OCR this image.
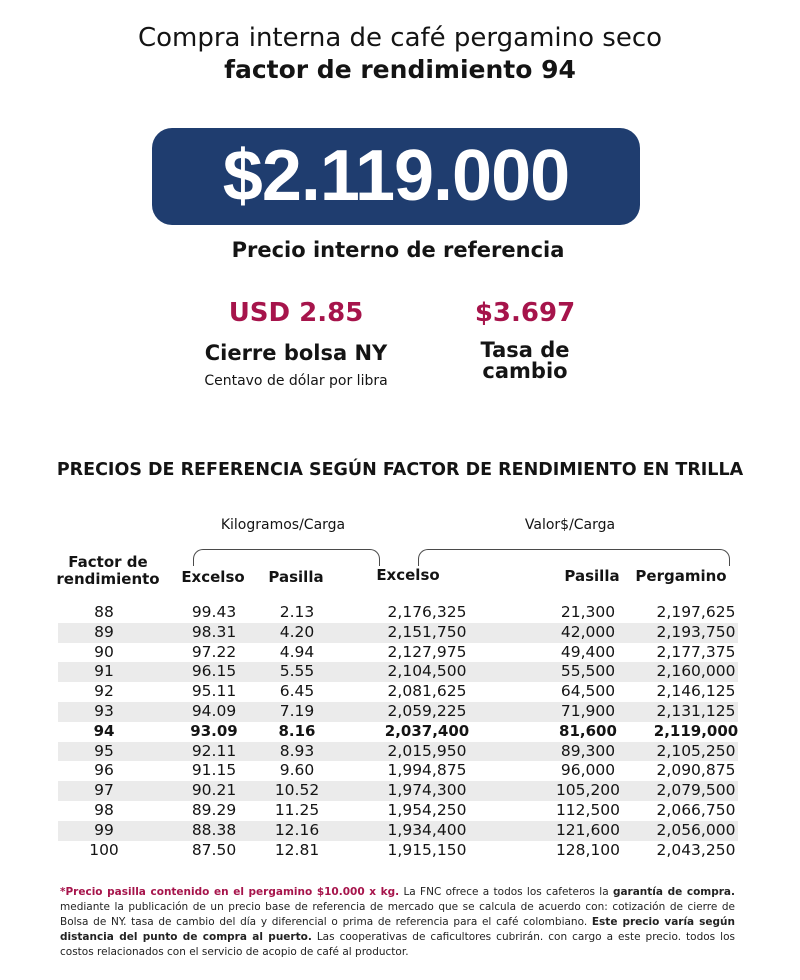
Compra interna de café pergamino seco
factor de rendimiento 94
$2.119.000
Precio interno de referencia
USD 2.85
Cierre bolsa NY
Centavo de dólar por libra
$3.697
Tasa de
cambio
PRECIOS DE REFERENCIA SEGÚN FACTOR DE RENDIMIENTO EN TRILLA
Kilogramos/Carga	Valor$/Carga
Factor de
rendimiento	Excelso	Pasilla	Excelso	Pasilla	Pergamino
88	99.43	2.13	2,176,325	21,300	2,197,625
89	98.31	4.20	2,151,750	42,000	2,193,750
90	97.22	4.94	2,127,975	49,400	2,177,375
91	96.15	5.55	2,104,500	55,500	2,160,000
92	95.11	6.45	2,081,625	64,500	2,146,125
93	94.09	7.19	2,059,225	71,900	2,131,125
94	93.09	8.16	2,037,400	81,600	2,119,000
95	92.11	8.93	2,015,950	89,300	2,105,250
96	91.15	9.60	1,994,875	96,000	2,090,875
97	90.21	10.52	1,974,300	105,200	2,079,500
98	89.29	11.25	1,954,250	112,500	2,066,750
99	88.38	12.16	1,934,400	121,600	2,056,000
100	87.50	12.81	1,915,150	128,100	2,043,250

*Precio pasilla contenido en el pergamino $10.000 x kg. La FNC ofrece a todos los cafeteros la garantía de compra. mediante la publicación de un precio base de referencia de mercado que se calcula de acuerdo con: cotización de cierre de Bolsa de NY. tasa de cambio del día y diferencial o prima de referencia para el café colombiano. Este precio varía según distancia del punto de compra al puerto. Las cooperativas de caficultores cubrirán. con cargo a este precio. todos los costos relacionados con el servicio de acopio de café al productor.
